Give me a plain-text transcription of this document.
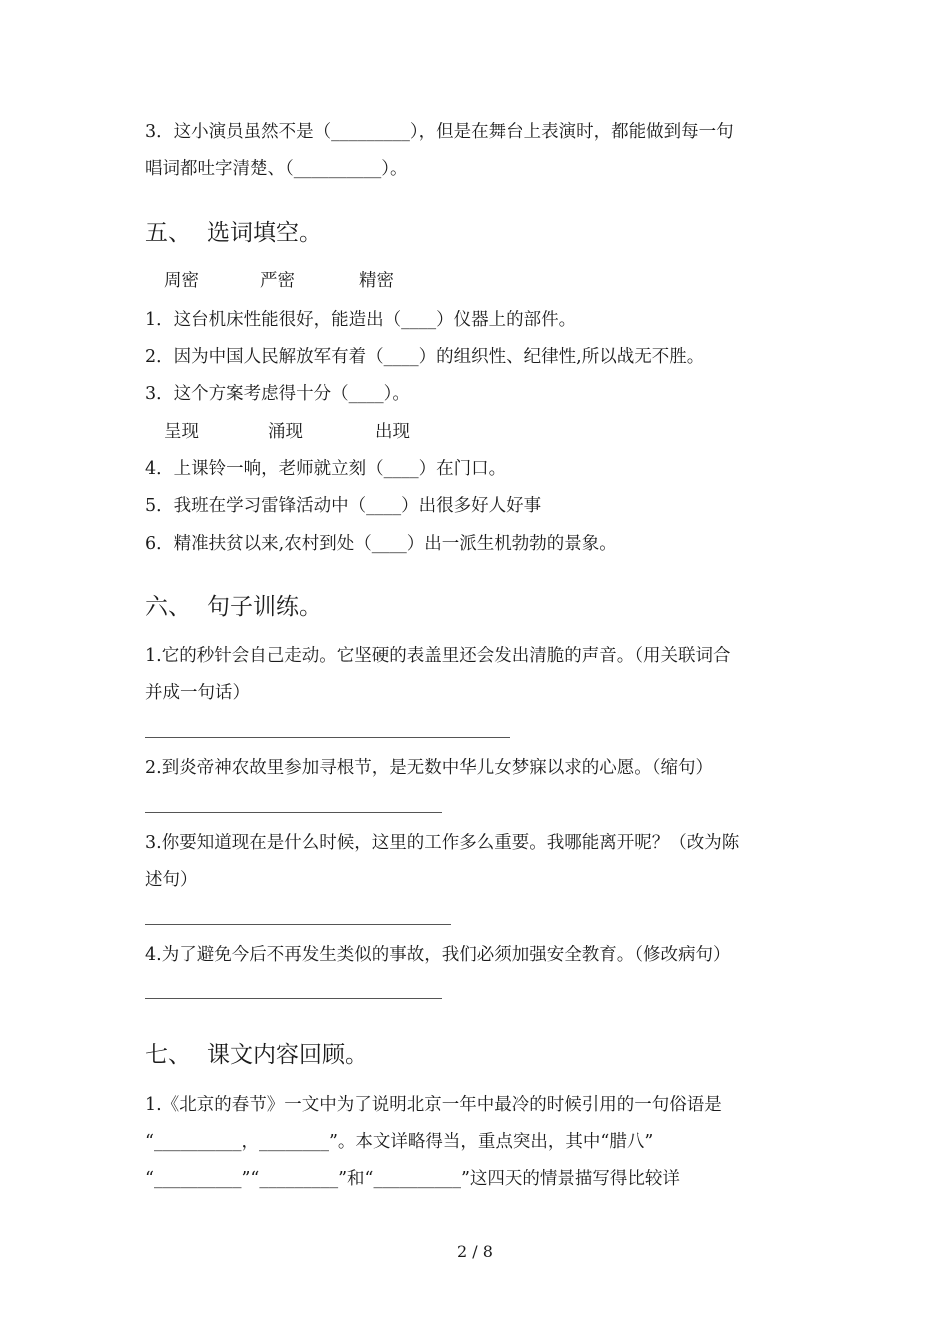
3．这小演员虽然不是（_________），但是在舞台上表演时，都能做到每一句
唱词都吐字清楚、（__________）。
五、 选词填空。
周密	严密	精密
1．这台机床性能很好，能造出（____）仪器上的部件。
2．因为中国人民解放军有着（____）的组织性、纪律性,所以战无不胜。
3．这个方案考虑得十分（____）。
呈现	涌现	出现
4．上课铃一响，老师就立刻（____）在门口。
5．我班在学习雷锋活动中（____）出很多好人好事
6．精准扶贫以来,农村到处（____）出一派生机勃勃的景象。
六、 句子训练。
1.它的秒针会自己走动。它坚硬的表盖里还会发出清脆的声音。（用关联词合
并成一句话）
2.到炎帝神农故里参加寻根节，是无数中华儿女梦寐以求的心愿。（缩句）
3.你要知道现在是什么时候，这里的工作多么重要。我哪能离开呢？（改为陈
述句）
4.为了避免今后不再发生类似的事故，我们必须加强安全教育。（修改病句）
七、 课文内容回顾。
1.《北京的春节》一文中为了说明北京一年中最冷的时候引用的一句俗语是
“__________，________”。本文详略得当，重点突出，其中“腊八”
“__________”“_________”和“__________”这四天的情景描写得比较详
2 / 8
